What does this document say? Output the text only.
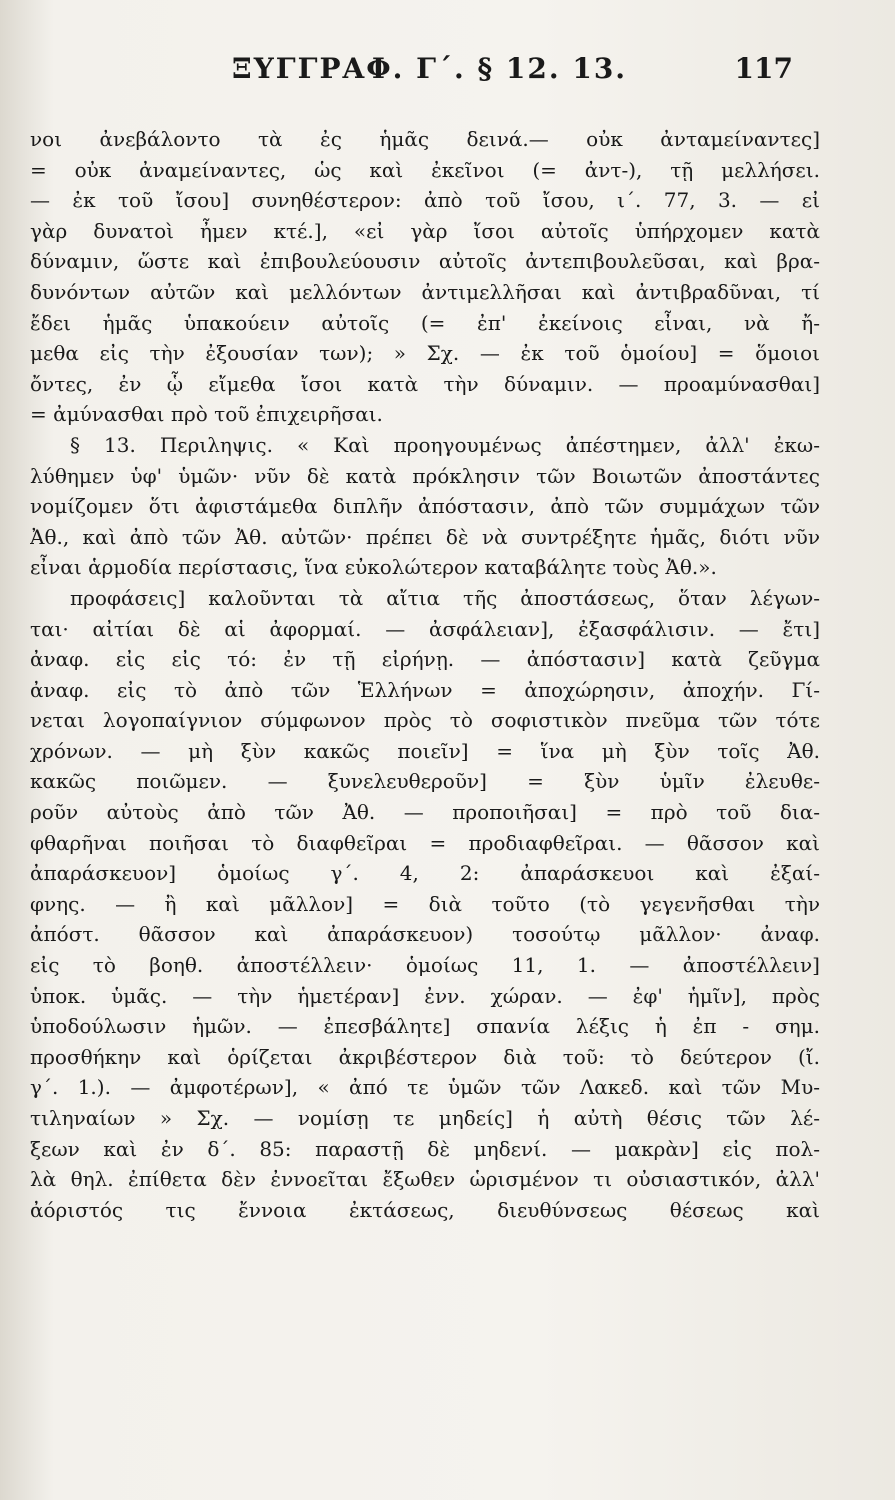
ΞΥΓΓΡΑΦ. Γ΄. § 12. 13.	117
νοι ἀνεβάλοντο τὰ ἐς ἡμᾶς δεινά.— οὐκ ἀνταμείναντες]
= οὐκ ἀναμείναντες, ὡς καὶ ἐκεῖνοι (= ἀντ-), τῇ μελλήσει.
— ἐκ τοῦ ἴσου] συνηθέστερον: ἀπὸ τοῦ ἴσου, ι΄. 77, 3. — εἰ
γὰρ δυνατοὶ ἦμεν κτέ.], «εἰ γὰρ ἴσοι αὐτοῖς ὑπήρχομεν κατὰ
δύναμιν, ὥστε καὶ ἐπιβουλεύουσιν αὐτοῖς ἀντεπιβουλεῦσαι, καὶ βρα-
δυνόντων αὐτῶν καὶ μελλόντων ἀντιμελλῆσαι καὶ ἀντιβραδῦναι, τί
ἔδει ἡμᾶς ὑπακούειν αὐτοῖς (= ἐπ' ἐκείνοις εἶναι, νὰ ἤ-
μεθα εἰς τὴν ἐξουσίαν των); » Σχ. — ἐκ τοῦ ὁμοίου] = ὅμοιοι
ὄντες, ἐν ᾧ εἴμεθα ἴσοι κατὰ τὴν δύναμιν. — προαμύνασθαι]
= ἀμύνασθαι πρὸ τοῦ ἐπιχειρῆσαι.
§ 13. Περιληψις. « Καὶ προηγουμένως ἀπέστημεν, ἀλλ' ἐκω-
λύθημεν ὑφ' ὑμῶν· νῦν δὲ κατὰ πρόκλησιν τῶν Βοιωτῶν ἀποστάντες
νομίζομεν ὅτι ἀφιστάμεθα διπλῆν ἀπόστασιν, ἀπὸ τῶν συμμάχων τῶν
Ἀθ., καὶ ἀπὸ τῶν Ἀθ. αὐτῶν· πρέπει δὲ νὰ συντρέξητε ἡμᾶς, διότι νῦν
εἶναι ἁρμοδία περίστασις, ἵνα εὐκολώτερον καταβάλητε τοὺς Ἀθ.».
προφάσεις] καλοῦνται τὰ αἴτια τῆς ἀποστάσεως, ὅταν λέγων-
ται· αἰτίαι δὲ αἱ ἀφορμαί. — ἀσφάλειαν], ἐξασφάλισιν. — ἔτι]
ἀναφ. εἰς εἰς τό: ἐν τῇ εἰρήνῃ. — ἀπόστασιν] κατὰ ζεῦγμα
ἀναφ. εἰς τὸ ἀπὸ τῶν Ἑλλήνων = ἀποχώρησιν, ἀποχήν. Γί-
νεται λογοπαίγνιον σύμφωνον πρὸς τὸ σοφιστικὸν πνεῦμα τῶν τότε
χρόνων. — μὴ ξὺν κακῶς ποιεῖν] = ἵνα μὴ ξὺν τοῖς Ἀθ.
κακῶς ποιῶμεν. — ξυνελευθεροῦν] = ξὺν ὑμῖν ἐλευθε-
ροῦν αὐτοὺς ἀπὸ τῶν Ἀθ. — προποιῆσαι] = πρὸ τοῦ δια-
φθαρῆναι ποιῆσαι τὸ διαφθεῖραι = προδιαφθεῖραι. — θᾶσσον καὶ
ἀπαράσκευον] ὁμοίως γ΄. 4, 2: ἀπαράσκευοι καὶ ἐξαί-
φνης. — ἢ καὶ μᾶλλον] = διὰ τοῦτο (τὸ γεγενῆσθαι τὴν
ἀπόστ. θᾶσσον καὶ ἀπαράσκευον) τοσούτῳ μᾶλλον· ἀναφ.
εἰς τὸ βοηθ. ἀποστέλλειν· ὁμοίως 11, 1. — ἀποστέλλειν]
ὑποκ. ὑμᾶς. — τὴν ἡμετέραν] ἐνν. χώραν. — ἐφ' ἡμῖν], πρὸς
ὑποδούλωσιν ἡμῶν. — ἐπεσβάλητε] σπανία λέξις ἡ ἐπ - σημ.
προσθήκην καὶ ὁρίζεται ἀκριβέστερον διὰ τοῦ: τὸ δεύτερον (ἴ.
γ΄. 1.). — ἀμφοτέρων], « ἀπό τε ὑμῶν τῶν Λακεδ. καὶ τῶν Μυ-
τιληναίων » Σχ. — νομίσῃ τε μηδείς] ἡ αὐτὴ θέσις τῶν λέ-
ξεων καὶ ἐν δ΄. 85: παραστῇ δὲ μηδενί. — μακρὰν] εἰς πολ-
λὰ θηλ. ἐπίθετα δὲν ἐννοεῖται ἔξωθεν ὡρισμένον τι οὐσιαστικόν, ἀλλ'
ἀόριστός τις ἔννοια ἐκτάσεως, διευθύνσεως θέσεως καὶ
